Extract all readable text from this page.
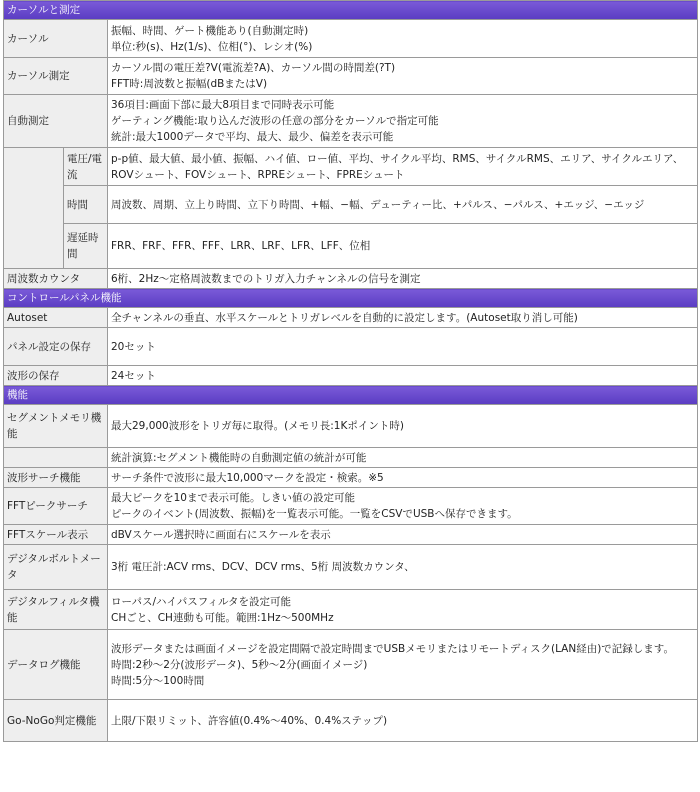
カーソルと測定		
カーソル		振幅、時間、ゲート機能あり(自動測定時)
単位:秒(s)、Hz(1/s)、位相(°)、レシオ(%)

カーソル測定		カーソル間の電圧差?V(電流差?A)、カーソル間の時間差(?T)
FFT時:周波数と振幅(dBまたはV)

自動測定		36項目:画面下部に最大8項目まで同時表示可能
ゲーティング機能:取り込んだ波形の任意の部分をカーソルで指定可能
統計:最大1000データで平均、最大、最少、偏差を表示可能

	電圧/電流	p-p値、最大値、最小値、振幅、ハイ値、ロー値、平均、サイクル平均、RMS、サイクルRMS、エリア、サイクルエリア、ROVシュート、FOVシュート、RPREシュート、FPREシュート
	時間	周波数、周期、立上り時間、立下り時間、+幅、−幅、デューティー比、+パルス、−パルス、+エッジ、−エッジ
	遅延時間	FRR、FRF、FFR、FFF、LRR、LRF、LFR、LFF、位相
周波数カウンタ		6桁、2Hz〜定格周波数までのトリガ入力チャンネルの信号を測定
コントロールパネル機能		
Autoset		全チャンネルの垂直、水平スケールとトリガレベルを自動的に設定します。(Autoset取り消し可能)
パネル設定の保存		20セット
波形の保存		24セット
機能		
セグメントメモリ機能		最大29,000波形をトリガ毎に取得。(メモリ長:1Kポイント時)
		統計演算:セグメント機能時の自動測定値の統計が可能
波形サーチ機能		サーチ条件で波形に最大10,000マークを設定・検索。※5
FFTピークサーチ		最大ピークを10まで表示可能。しきい値の設定可能
ピークのイベント(周波数、振幅)を一覧表示可能。一覧をCSVでUSBへ保存できます。

FFTスケール表示		dBVスケール選択時に画面右にスケールを表示
デジタルボルトメータ		3桁 電圧計:ACV rms、DCV、DCV rms、5桁 周波数カウンタ、
デジタルフィルタ機能		ローパス/ハイパスフィルタを設定可能
CHごと、CH連動も可能。範囲:1Hz〜500MHz

データログ機能		波形データまたは画面イメージを設定間隔で設定時間までUSBメモリまたはリモートディスク(LAN経由)で記録します。
時間:2秒〜2分(波形データ)、5秒〜2分(画面イメージ)
時間:5分〜100時間

Go-NoGo判定機能		上限/下限リミット、許容値(0.4%〜40%、0.4%ステップ)
